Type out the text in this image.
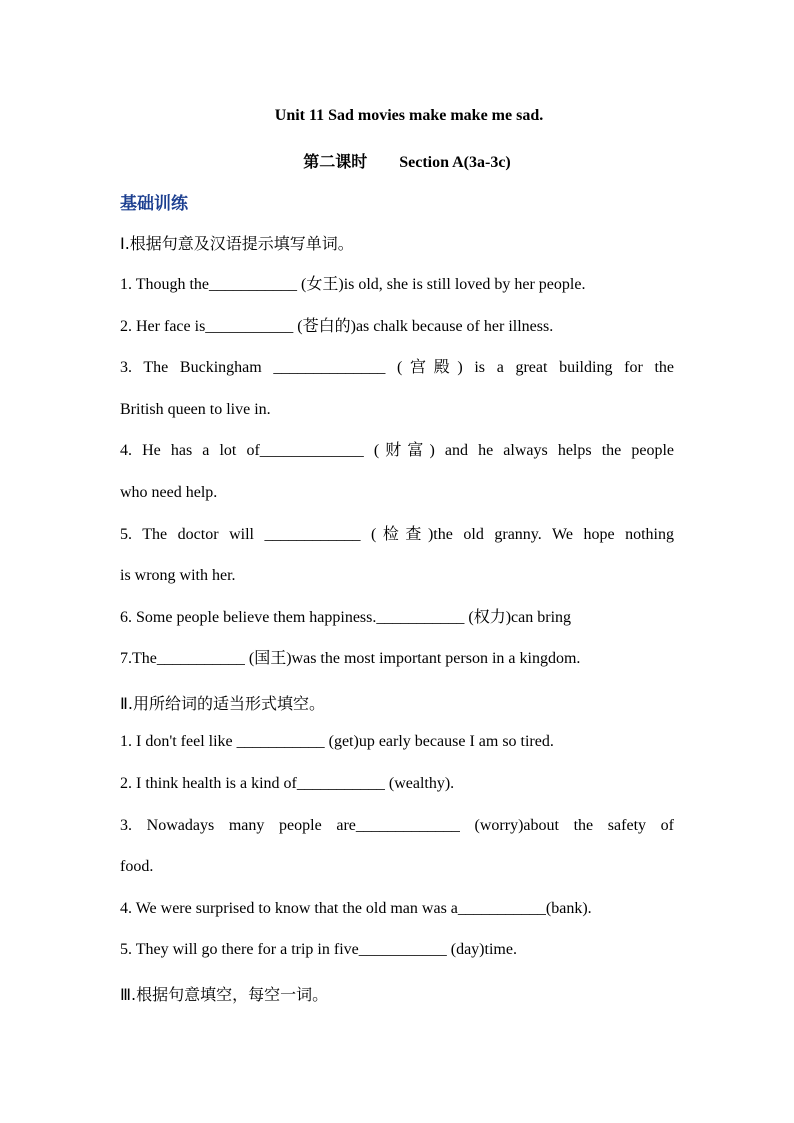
Unit 11 Sad movies make make me sad.
第二课时　　Section A(3a-3c)
基础训练
I.根据句意及汉语提示填写单词。
1. Though the___________ (女王)is old, she is still loved by her people.
2. Her face is___________ (苍白的)as chalk because of her illness.
3. The Buckingham ______________ (宫殿) is a great building for the
British queen to live in.
4. He has a lot of_____________ (财富) and he always helps the people
who need help.
5. The doctor will ____________ (检查)the old granny. We hope nothing
is wrong with her.
6. Some people believe them happiness.___________ (权力)can bring
7.The___________ (国王)was the most important person in a kingdom.
Ⅱ.用所给词的适当形式填空。
1. I don't feel like ___________ (get)up early because I am so tired.
2. I think health is a kind of___________ (wealthy).
3. Nowadays many people are_____________ (worry)about the safety of
food.
4. We were surprised to know that the old man was a___________(bank).
5. They will go there for a trip in five___________ (day)time.
Ⅲ.根据句意填空，每空一词。
